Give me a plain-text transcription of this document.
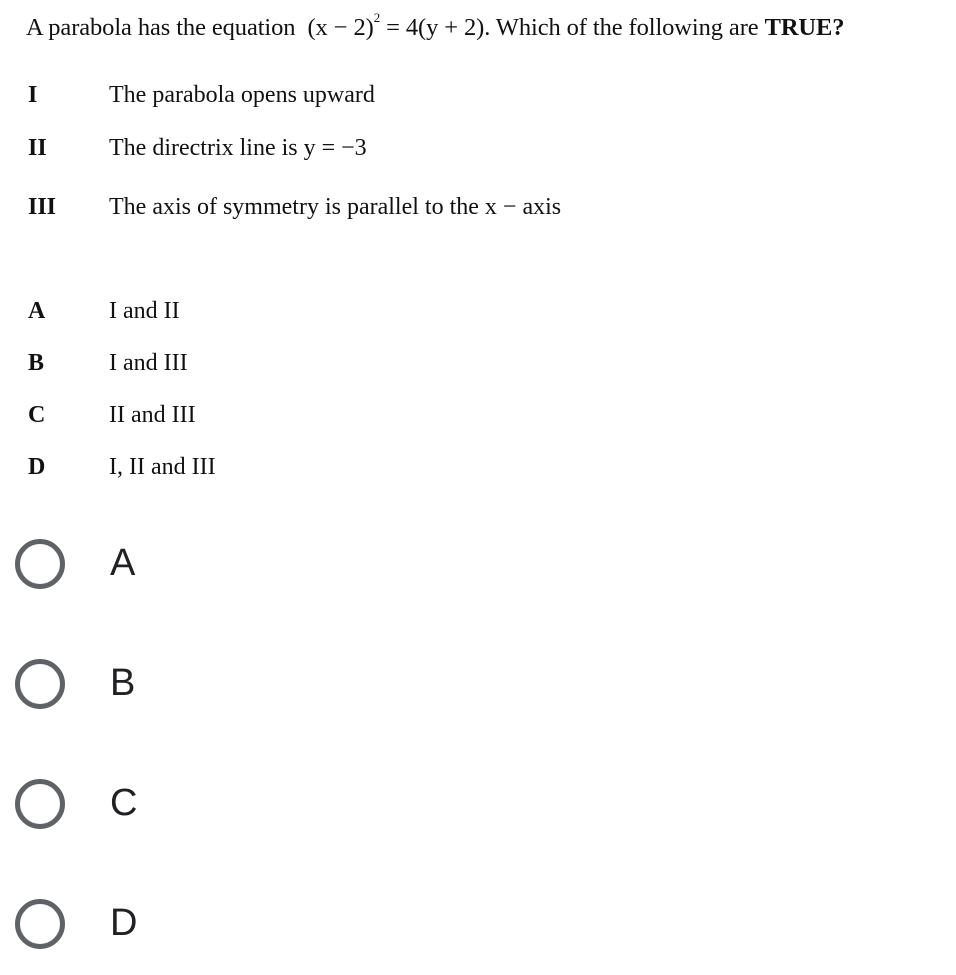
A parabola has the equation $(x - 2)^2 = 4(y + 2)$. Which of the following are TRUE?
I	The parabola opens upward
II	The directrix line is y = −3
III The axis of symmetry is parallel to the x − axis
A	I and II
B	I and III
C	II and III
D	I, II and III
A
B
C
D
